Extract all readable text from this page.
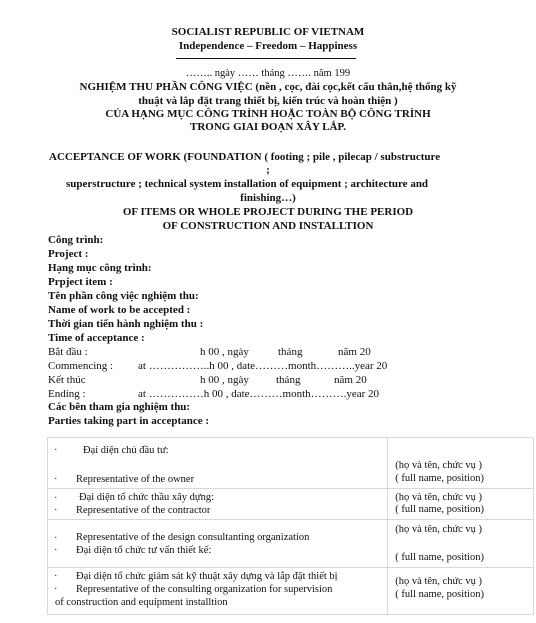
SOCIALIST REPUBLIC OF VIETNAM
Independence – Freedom – Happiness
…….. ngày …… tháng ……. năm 199
NGHIỆM THU PHẦN CÔNG VIỆC (nền , cọc, đài cọc,kết cấu thân,hệ thống kỹ
thuật và lắp đặt trang thiết bị, kiến trúc và hoàn thiện )
CỦA HẠNG MỤC CÔNG TRÌNH HOẶC TOÀN BỘ CÔNG TRÌNH
TRONG GIAI ĐOẠN XÂY LẮP.
ACCEPTANCE OF WORK (FOUNDATION ( footing ; pile , pilecap / substructure
;
superstructure ; technical system installation of equipment ; architecture and
finishing…)
OF ITEMS OR WHOLE PROJECT DURING THE PERIOD
OF CONSTRUCTION AND INSTALLTION
Công trình:
Project :
Hạng mục công trình:
Prpject item :
Tên phần công việc nghiệm thu:
Name of work to be accepted :
Thời gian tiến hành nghiệm thu :
Time of acceptance :
Bắt đầu :	h 00 , ngày	tháng	năm 20
Commencing : at ……………..h 00 , date………month………..year 20
Kết thúc	h 00 , ngày tháng	năm 20
Ending :	at ……………h 00 , date………month……….year 20
Các bên tham gia nghiệm thu:
Parties taking part in acceptance :
· Đại diện chủ đầu tư:
· Representative of the owner	(họ và tên, chức vụ )
( full name, position)

· Đại diện tổ chức thầu xây dựng:
· Representative of the contractor	(họ và tên, chức vụ )
( full name, position)

· Representative of the design consultanting organization
· Đại diện tổ chức tư vấn thiết kế:	(họ và tên, chức vụ )
( full name, position)

· Đại diện tổ chức giám sát kỹ thuật xây dựng và lắp đặt thiết bị
· Representative of the consulting organization for supervision
of construction and equipment installtion	(họ và tên, chức vụ )
( full name, position)
